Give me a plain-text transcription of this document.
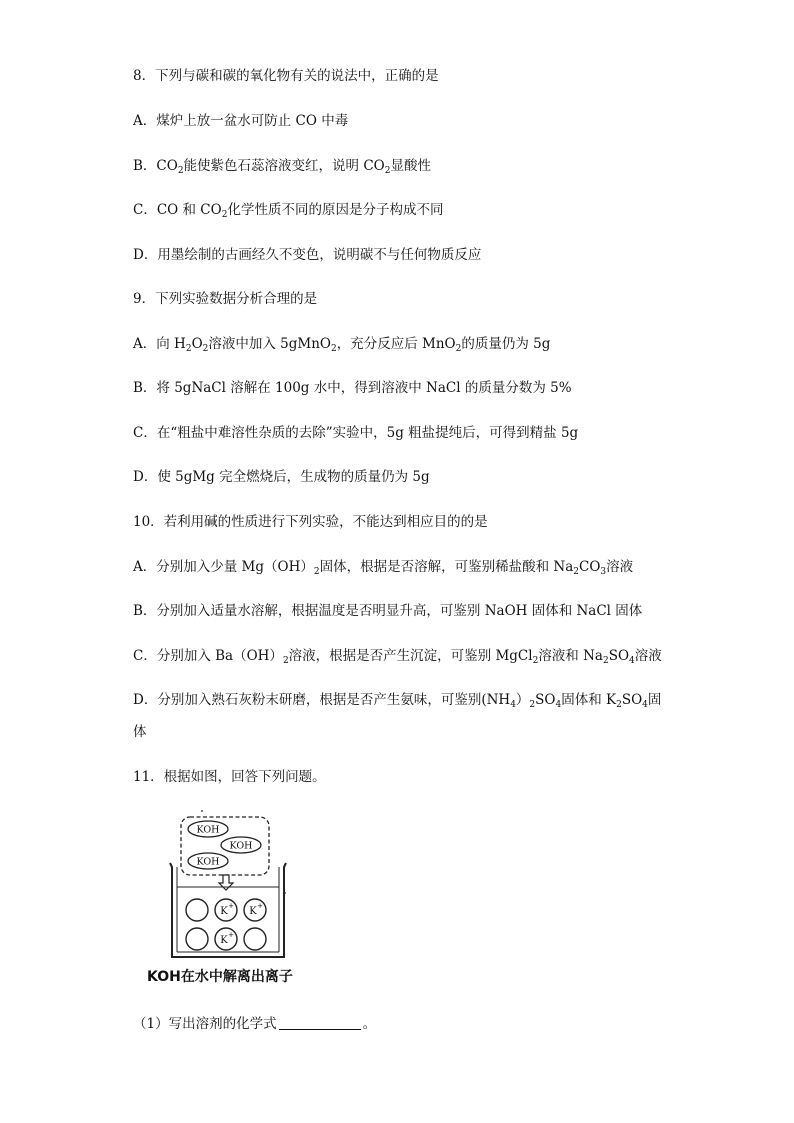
8．下列与碳和碳的氧化物有关的说法中，正确的是
A．煤炉上放一盆水可防止 CO 中毒
B．$CO_2$能使紫色石蕊溶液变红，说明 $CO_2$显酸性
C．CO 和 $CO_2$化学性质不同的原因是分子构成不同
D．用墨绘制的古画经久不变色，说明碳不与任何物质反应
9．下列实验数据分析合理的是
A．向 $H_2O_2$溶液中加入 5gMnO$_2$，充分反应后 MnO$_2$的质量仍为 5g
B．将 5gNaCl 溶解在 100g 水中，得到溶液中 NaCl 的质量分数为 5%
C．在“粗盐中难溶性杂质的去除”实验中，5g 粗盐提纯后，可得到精盐 5g
D．使 5gMg 完全燃烧后，生成物的质量仍为 5g
10．若利用碱的性质进行下列实验，不能达到相应目的的是
A．分别加入少量 $Mg(OH)_2$固体，根据是否溶解，可鉴别稀盐酸和 $Na_2CO_3$溶液
B．分别加入适量水溶解，根据温度是否明显升高，可鉴别 NaOH 固体和 NaCl 固体
C．分别加入 $Ba(OH)_2$溶液，根据是否产生沉淀，可鉴别 MgCl$_2$溶液和 $Na_2SO_4$溶液
D．分别加入熟石灰粉末研磨，根据是否产生氨味，可鉴别$(NH_4)_2SO_4$固体和 $K_2SO_4$固
体
11．根据如图，回答下列问题。
KOH
KOH
KOH
K + K +
K +
KOH在水中解离出离子
（1）写出溶剂的化学式	。
